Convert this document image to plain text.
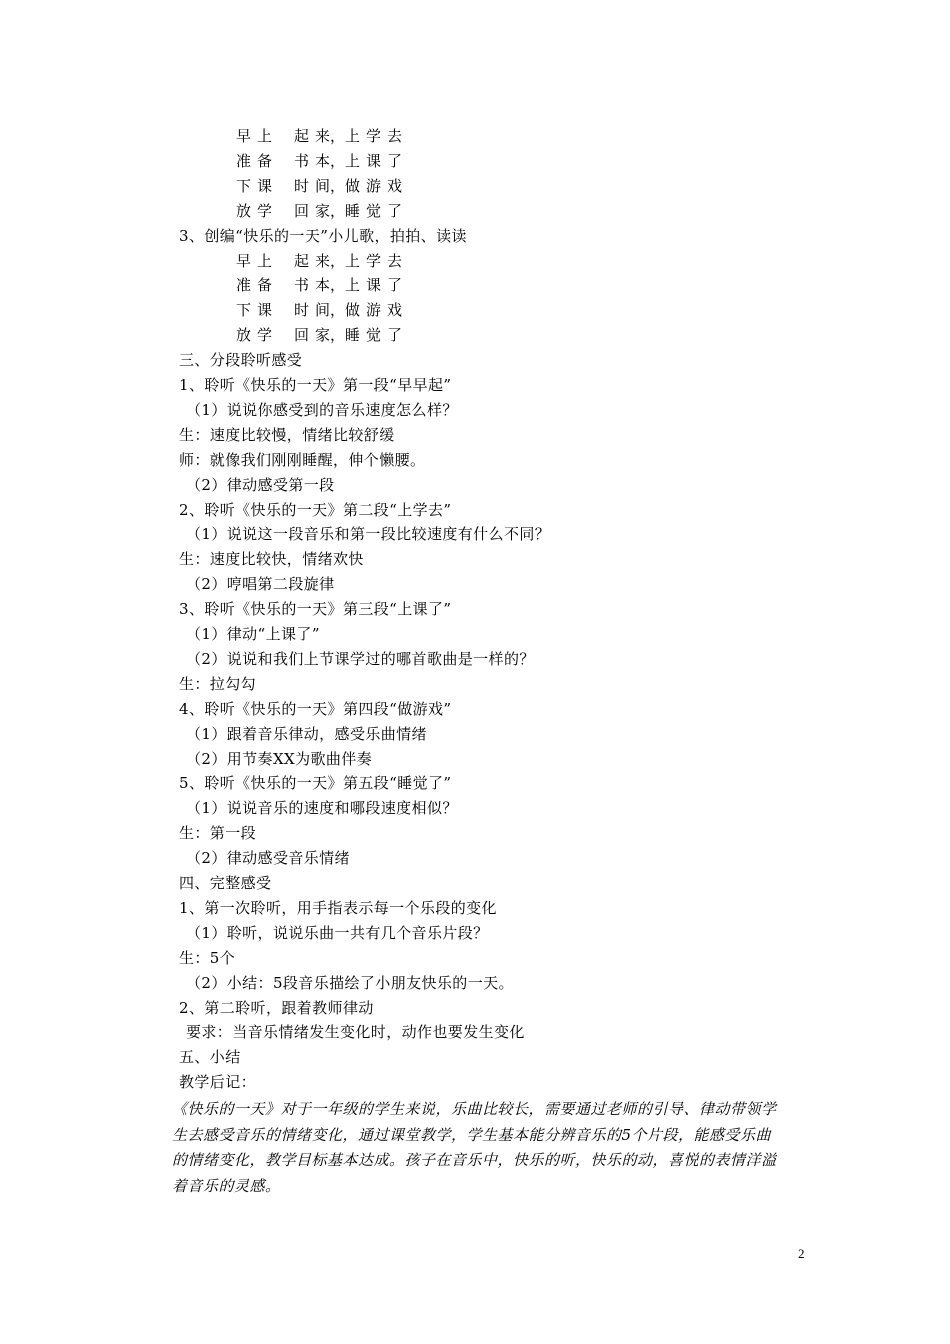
早 上 起 来，上 学 去
准 备 书 本，上 课 了
下 课 时 间，做 游 戏
放 学 回 家，睡 觉 了
3、创编“快乐的一天”小儿歌，拍拍、读读
早 上 起 来，上 学 去
准 备 书 本，上 课 了
下 课 时 间，做 游 戏
放 学 回 家，睡 觉 了
三、分段聆听感受
1、聆听《快乐的一天》第一段“早早起”
（1）说说你感受到的音乐速度怎么样？
生：速度比较慢，情绪比较舒缓
师：就像我们刚刚睡醒，伸个懒腰。
（2）律动感受第一段
2、聆听《快乐的一天》第二段“上学去”
（1）说说这一段音乐和第一段比较速度有什么不同？
生：速度比较快，情绪欢快
（2）哼唱第二段旋律
3、聆听《快乐的一天》第三段“上课了”
（1）律动“上课了”
（2）说说和我们上节课学过的哪首歌曲是一样的？
生：拉勾勾
4、聆听《快乐的一天》第四段“做游戏”
（1）跟着音乐律动，感受乐曲情绪
（2）用节奏XX为歌曲伴奏
5、聆听《快乐的一天》第五段“睡觉了”
（1）说说音乐的速度和哪段速度相似？
生：第一段
（2）律动感受音乐情绪
四、完整感受
1、第一次聆听，用手指表示每一个乐段的变化
（1）聆听，说说乐曲一共有几个音乐片段？
生：5个
（2）小结：5段音乐描绘了小朋友快乐的一天。
2、第二聆听，跟着教师律动
要求：当音乐情绪发生变化时，动作也要发生变化
五、小结
教学后记：
《快乐的一天》对于一年级的学生来说，乐曲比较长，需要通过老师的引导、律动带领学生去感受音乐的情绪变化，通过课堂教学，学生基本能分辨音乐的5个片段，能感受乐曲的情绪变化，教学目标基本达成。孩子在音乐中，快乐的听，快乐的动，喜悦的表情洋溢着音乐的灵感。
2
